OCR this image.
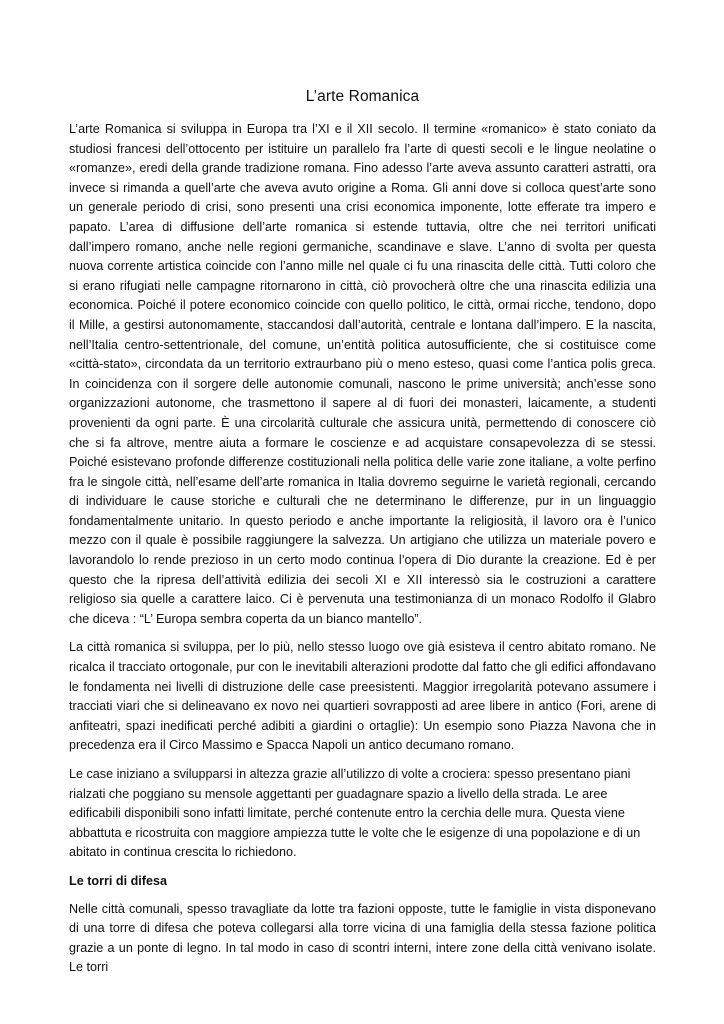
L’arte Romanica

L’arte Romanica si sviluppa in Europa tra l’XI e il XII secolo. Il termine «romanico» è stato coniato da studiosi francesi dell’ottocento per istituire un parallelo fra l’arte di questi secoli e le lingue neolatine o «romanze», eredi della grande tradizione romana. Fino adesso l’arte aveva assunto caratteri astratti, ora invece si rimanda a quell’arte che aveva avuto origine a Roma. Gli anni dove si colloca quest’arte sono un generale periodo di crisi, sono presenti una crisi economica imponente, lotte efferate tra impero e papato. L’area di diffusione dell’arte romanica si estende tuttavia, oltre che nei territori unificati dall’impero romano, anche nelle regioni germaniche, scandinave e slave. L’anno di svolta per questa nuova corrente artistica coincide con l’anno mille nel quale ci fu una rinascita delle città. Tutti coloro che si erano rifugiati nelle campagne ritornarono in città, ciò provocherà oltre che una rinascita edilizia una economica. Poiché il potere economico coincide con quello politico, le città, ormai ricche, tendono, dopo il Mille, a gestirsi autonomamente, staccandosi dall’autorità, centrale e lontana dall’impero. E la nascita, nell’Italia centro-settentrionale, del comune, un’entità politica autosufficiente, che si costituisce come «città-stato», circondata da un territorio extraurbano più o meno esteso, quasi come l’antica polis greca. In coincidenza con il sorgere delle autonomie comunali, nascono le prime università; anch’esse sono organizzazioni autonome, che trasmettono il sapere al di fuori dei monasteri, laicamente, a studenti provenienti da ogni parte. È una circolarità culturale che assicura unità, permettendo di conoscere ciò che si fa altrove, mentre aiuta a formare le coscienze e ad acquistare consapevolezza di se stessi. Poiché esistevano profonde differenze costituzionali nella politica delle varie zone italiane, a volte perfino fra le singole città, nell’esame dell’arte romanica in Italia dovremo seguirne le varietà regionali, cercando di individuare le cause storiche e culturali che ne determinano le differenze, pur in un linguaggio fondamentalmente unitario. In questo periodo e anche importante la religiosità, il lavoro ora è l’unico mezzo con il quale è possibile raggiungere la salvezza. Un artigiano che utilizza un materiale povero e lavorandolo lo rende prezioso in un certo modo continua l’opera di Dio durante la creazione. Ed è per questo che la ripresa dell’attività edilizia dei secoli XI e XII interessò sia le costruzioni a carattere religioso sia quelle a carattere laico. Ci è pervenuta una testimonianza di un monaco Rodolfo il Glabro che diceva : “L’ Europa sembra coperta da un bianco mantello”.

La città romanica si sviluppa, per lo più, nello stesso luogo ove già esisteva il centro abitato romano. Ne ricalca il tracciato ortogonale, pur con le inevitabili alterazioni prodotte dal fatto che gli edifici affondavano le fondamenta nei livelli di distruzione delle case preesistenti. Maggior irregolarità potevano assumere i tracciati viari che si delineavano ex novo nei quartieri sovrapposti ad aree libere in antico (Fori, arene di anfiteatri, spazi inedificati perché adibiti a giardini o ortaglie): Un esempio sono Piazza Navona che in precedenza era il Circo Massimo e Spacca Napoli un antico decumano romano.

Le case iniziano a svilupparsi in altezza grazie all’utilizzo di volte a crociera: spesso presentano piani rialzati che poggiano su mensole aggettanti per guadagnare spazio a livello della strada. Le aree edificabili disponibili sono infatti limitate, perché contenute entro la cerchia delle mura. Questa viene abbattuta e ricostruita con maggiore ampiezza tutte le volte che le esigenze di una popolazione e di un abitato in continua crescita lo richiedono.

Le torri di difesa

Nelle città comunali, spesso travagliate da lotte tra fazioni opposte, tutte le famiglie in vista disponevano di una torre di difesa che poteva collegarsi alla torre vicina di una famiglia della stessa fazione politica grazie a un ponte di legno. In tal modo in caso di scontri interni, intere zone della città venivano isolate. Le torri
